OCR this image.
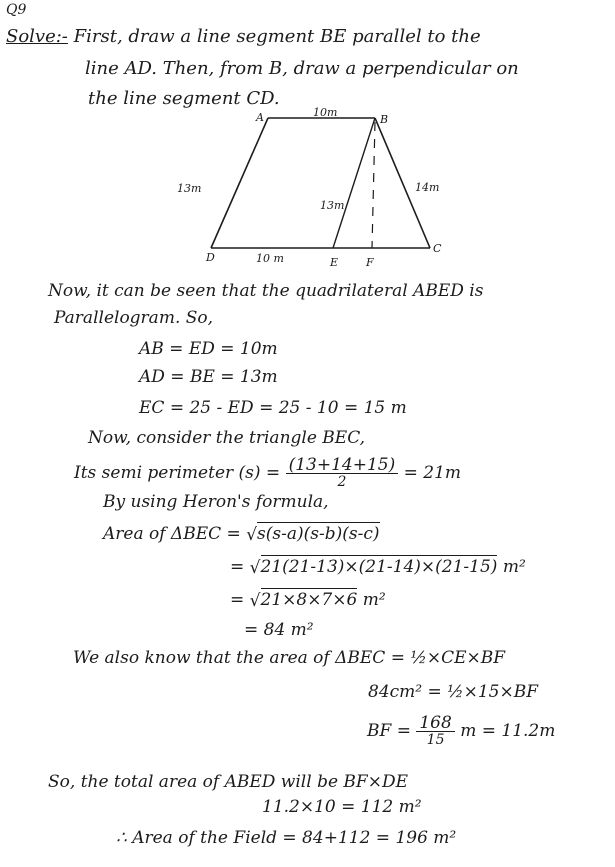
Q9
Solve:- First, draw a line segment BE parallel to the
line AD. Then, from B, draw a perpendicular on
the line segment CD.
A	B
C
D	E	F
10m
13m
13m
14m
10 m
Now, it can be seen that the quadrilateral ABED is
Parallelogram. So,
AB = ED = 10m
AD = BE = 13m
EC = 25 - ED = 25 - 10 = 15 m
Now, consider the triangle BEC,
Its semi perimeter $(s) = \frac{(13+14+15)}{2} = 21m$
By using Heron's formula,
Area of ΔBEC = √s(s-a)(s-b)(s-c)
= √21(21-13)×(21-14)×(21-15) m²
= √21×8×7×6 m²
= 84 m²
We also know that the area of ΔBEC = ½×CE×BF
84cm² = ½×15×BF
BF = $\frac{168}{15}$ m = 11.2m
So, the total area of ABED will be BF×DE
11.2×10 = 112 m²
∴ Area of the Field = 84+112 = 196 m²
